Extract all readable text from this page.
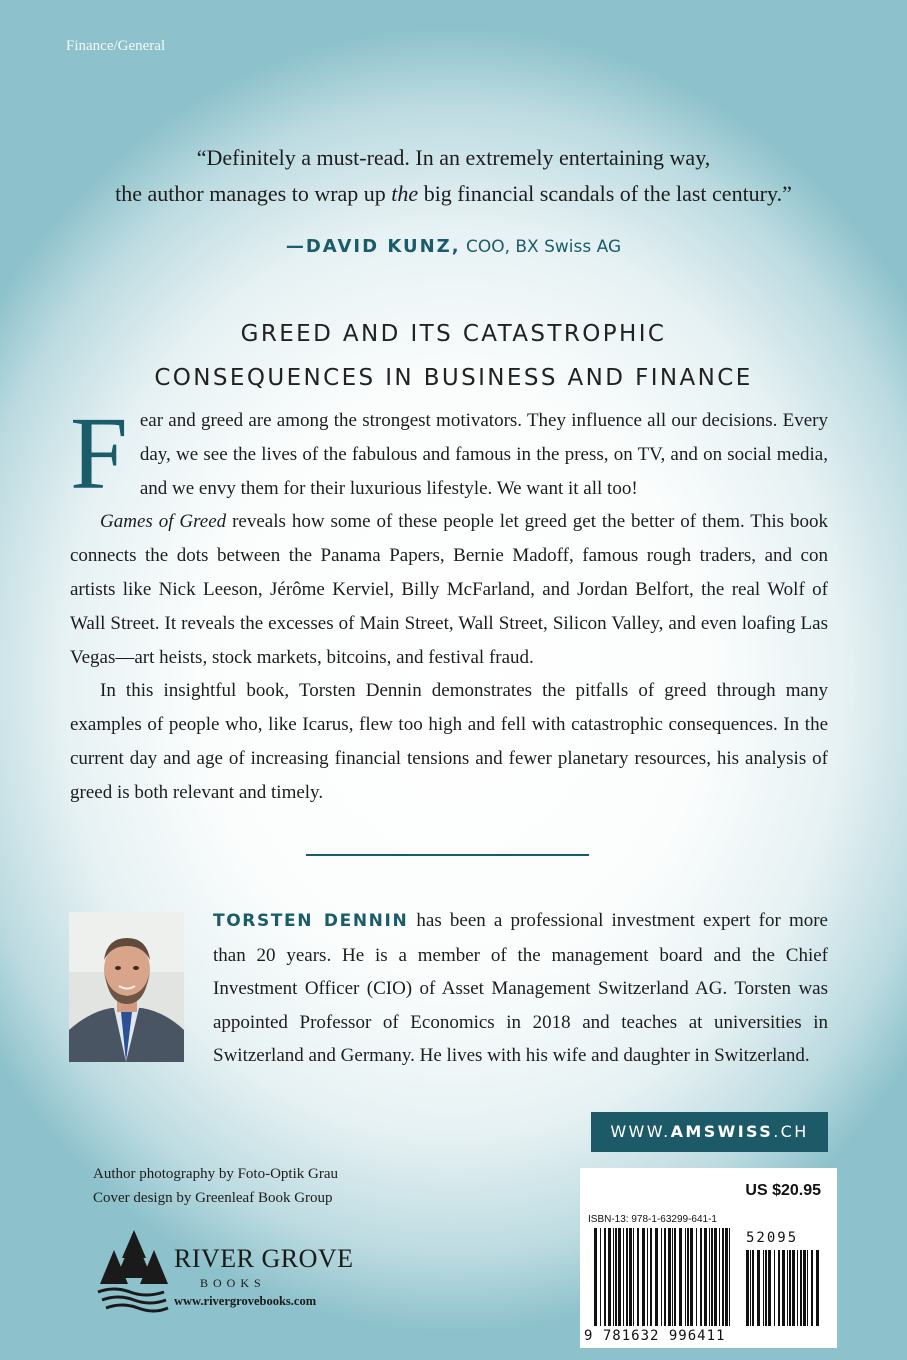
Finance/General
“Definitely a must-read. In an extremely entertaining way,
the author manages to wrap up the big financial scandals of the last century.”
—DAVID KUNZ, COO, BX Swiss AG
GREED AND ITS CATASTROPHIC
CONSEQUENCES IN BUSINESS AND FINANCE

Fear and greed are among the strongest motivators. They influence all our decisions. Every day, we see the lives of the fabulous and famous in the press, on TV, and on social media, and we envy them for their luxurious lifestyle. We want it all too!

Games of Greed reveals how some of these people let greed get the better of them. This book connects the dots between the Panama Papers, Bernie Madoff, famous rough traders, and con artists like Nick Leeson, Jérôme Kerviel, Billy McFarland, and Jordan Belfort, the real Wolf of Wall Street. It reveals the excesses of Main Street, Wall Street, Silicon Valley, and even loafing Las Vegas—art heists, stock markets, bitcoins, and festival fraud.

In this insightful book, Torsten Dennin demonstrates the pitfalls of greed through many examples of people who, like Icarus, flew too high and fell with catastrophic consequences. In the current day and age of increasing financial tensions and fewer planetary resources, his analysis of greed is both relevant and timely.

TORSTEN DENNIN has been a professional investment expert for more than 20 years. He is a member of the management board and the Chief Investment Officer (CIO) of Asset Management Switzerland AG. Torsten was appointed Professor of Economics in 2018 and teaches at universities in Switzerland and Germany. He lives with his wife and daughter in Switzerland.
WWW.AMSWISS.CH
Author photography by Foto-Optik Grau
Cover design by Greenleaf Book Group
RIVER GROVE
BOOKS
www.rivergrovebooks.com
US $20.95
ISBN-13: 978-1-63299-641-1
52095
9 781632 996411
